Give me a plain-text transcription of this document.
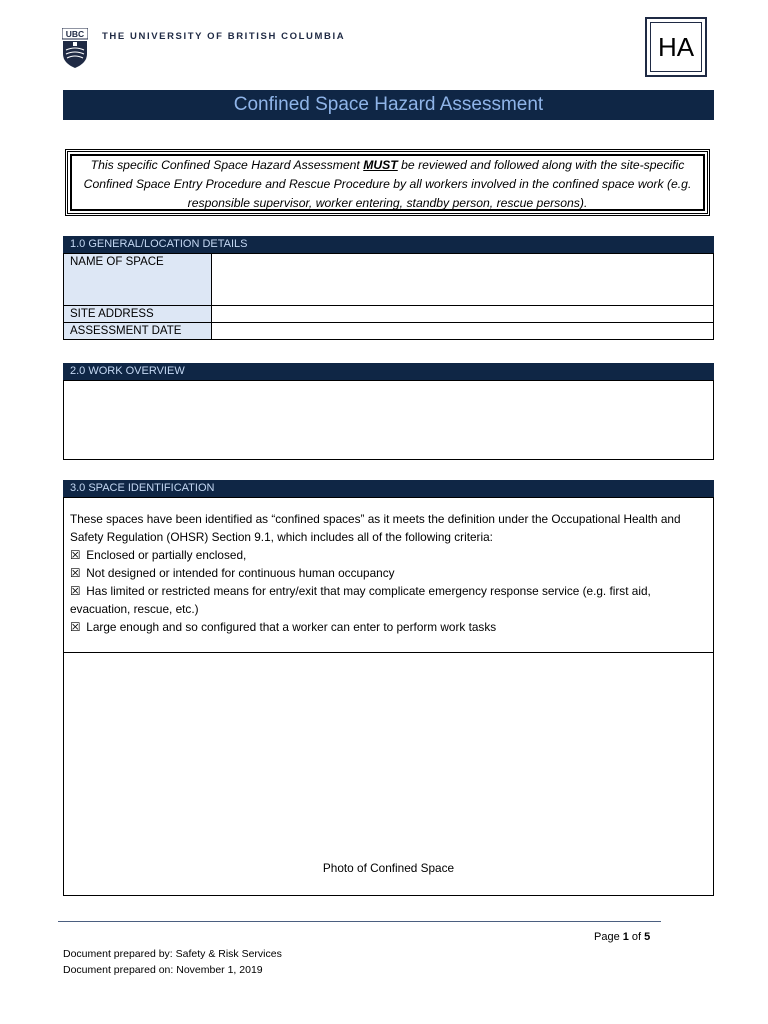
UBC THE UNIVERSITY OF BRITISH COLUMBIA	HA
Confined Space Hazard Assessment

This specific Confined Space Hazard Assessment MUST be reviewed and followed along with the site-specific Confined Space Entry Procedure and Rescue Procedure by all workers involved in the confined space work (e.g. responsible supervisor, worker entering, standby person, rescue persons).

1.0 GENERAL/LOCATION DETAILS
NAME OF SPACE	
SITE ADDRESS	
ASSESSMENT DATE	
2.0 WORK OVERVIEW
3.0 SPACE IDENTIFICATION

These spaces have been identified as “confined spaces” as it meets the definition under the Occupational Health and Safety Regulation (OHSR) Section 9.1, which includes all of the following criteria:

☒ Enclosed or partially enclosed,

☒ Not designed or intended for continuous human occupancy

☒ Has limited or restricted means for entry/exit that may complicate emergency response service (e.g. first aid, evacuation, rescue, etc.)

☒ Large enough and so configured that a worker can enter to perform work tasks

Photo of Confined Space
Page 1 of 5
Document prepared by: Safety & Risk Services
Document prepared on: November 1, 2019
